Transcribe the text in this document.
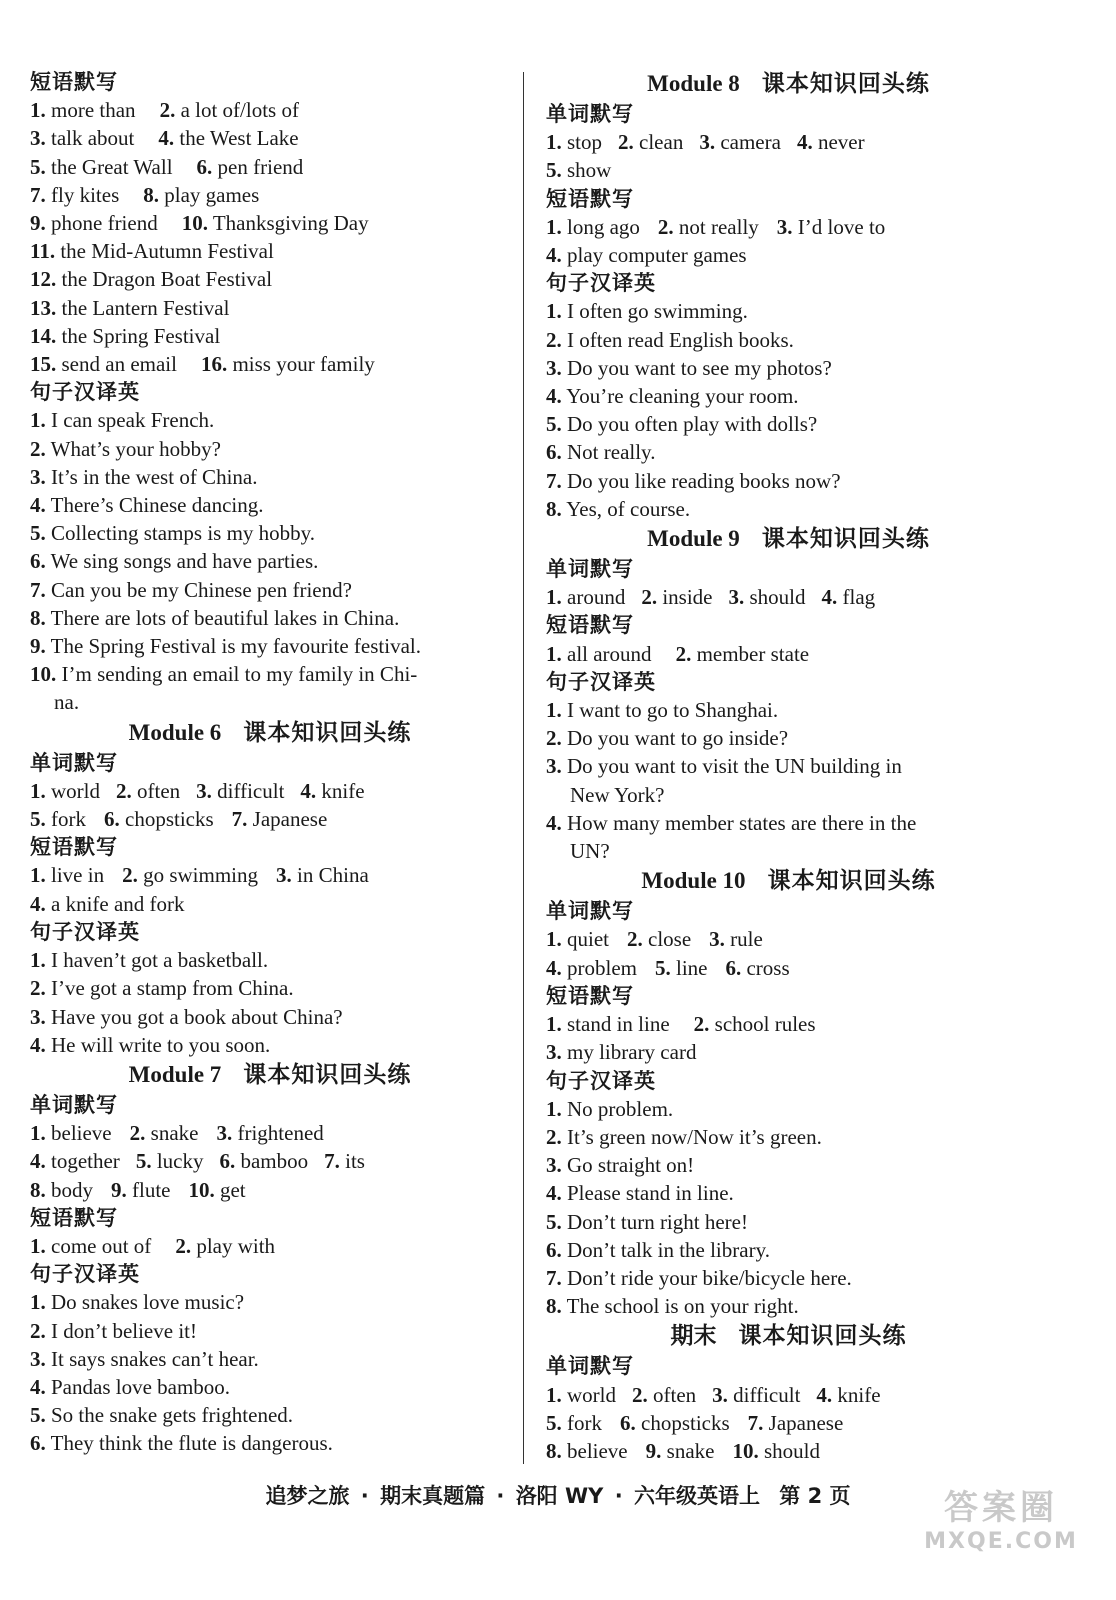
短语默写
1. more than 2. a lot of/lots of
3. talk about 4. the West Lake
5. the Great Wall 6. pen friend
7. fly kites 8. play games
9. phone friend 10. Thanksgiving Day
11. the Mid-Autumn Festival
12. the Dragon Boat Festival
13. the Lantern Festival
14. the Spring Festival
15. send an email 16. miss your family
句子汉译英
1. I can speak French.
2. What’s your hobby?
3. It’s in the west of China.
4. There’s Chinese dancing.
5. Collecting stamps is my hobby.
6. We sing songs and have parties.
7. Can you be my Chinese pen friend?
8. There are lots of beautiful lakes in China.
9. The Spring Festival is my favourite festival.
10. I’m sending an email to my family in Chi-
na.
Module 6 课本知识回头练
单词默写
1. world 2. often 3. difficult 4. knife
5. fork 6. chopsticks 7. Japanese
短语默写
1. live in 2. go swimming 3. in China
4. a knife and fork
句子汉译英
1. I haven’t got a basketball.
2. I’ve got a stamp from China.
3. Have you got a book about China?
4. He will write to you soon.
Module 7 课本知识回头练
单词默写
1. believe 2. snake 3. frightened
4. together 5. lucky 6. bamboo 7. its
8. body 9. flute 10. get
短语默写
1. come out of 2. play with
句子汉译英
1. Do snakes love music?
2. I don’t believe it!
3. It says snakes can’t hear.
4. Pandas love bamboo.
5. So the snake gets frightened.
6. They think the flute is dangerous.
Module 8 课本知识回头练
单词默写
1. stop 2. clean 3. camera 4. never
5. show
短语默写
1. long ago 2. not really 3. I’d love to
4. play computer games
句子汉译英
1. I often go swimming.
2. I often read English books.
3. Do you want to see my photos?
4. You’re cleaning your room.
5. Do you often play with dolls?
6. Not really.
7. Do you like reading books now?
8. Yes, of course.
Module 9 课本知识回头练
单词默写
1. around 2. inside 3. should 4. flag
短语默写
1. all around 2. member state
句子汉译英
1. I want to go to Shanghai.
2. Do you want to go inside?
3. Do you want to visit the UN building in
New York?
4. How many member states are there in the
UN?
Module 10 课本知识回头练
单词默写
1. quiet 2. close 3. rule
4. problem 5. line 6. cross
短语默写
1. stand in line 2. school rules
3. my library card
句子汉译英
1. No problem.
2. It’s green now/Now it’s green.
3. Go straight on!
4. Please stand in line.
5. Don’t turn right here!
6. Don’t talk in the library.
7. Don’t ride your bike/bicycle here.
8. The school is on your right.
期末 课本知识回头练
单词默写
1. world 2. often 3. difficult 4. knife
5. fork 6. chopsticks 7. Japanese
8. believe 9. snake 10. should
追梦之旅 · 期末真题篇 · 洛阳 WY · 六年级英语上 第 2 页	答案圈
MXQE.COM
